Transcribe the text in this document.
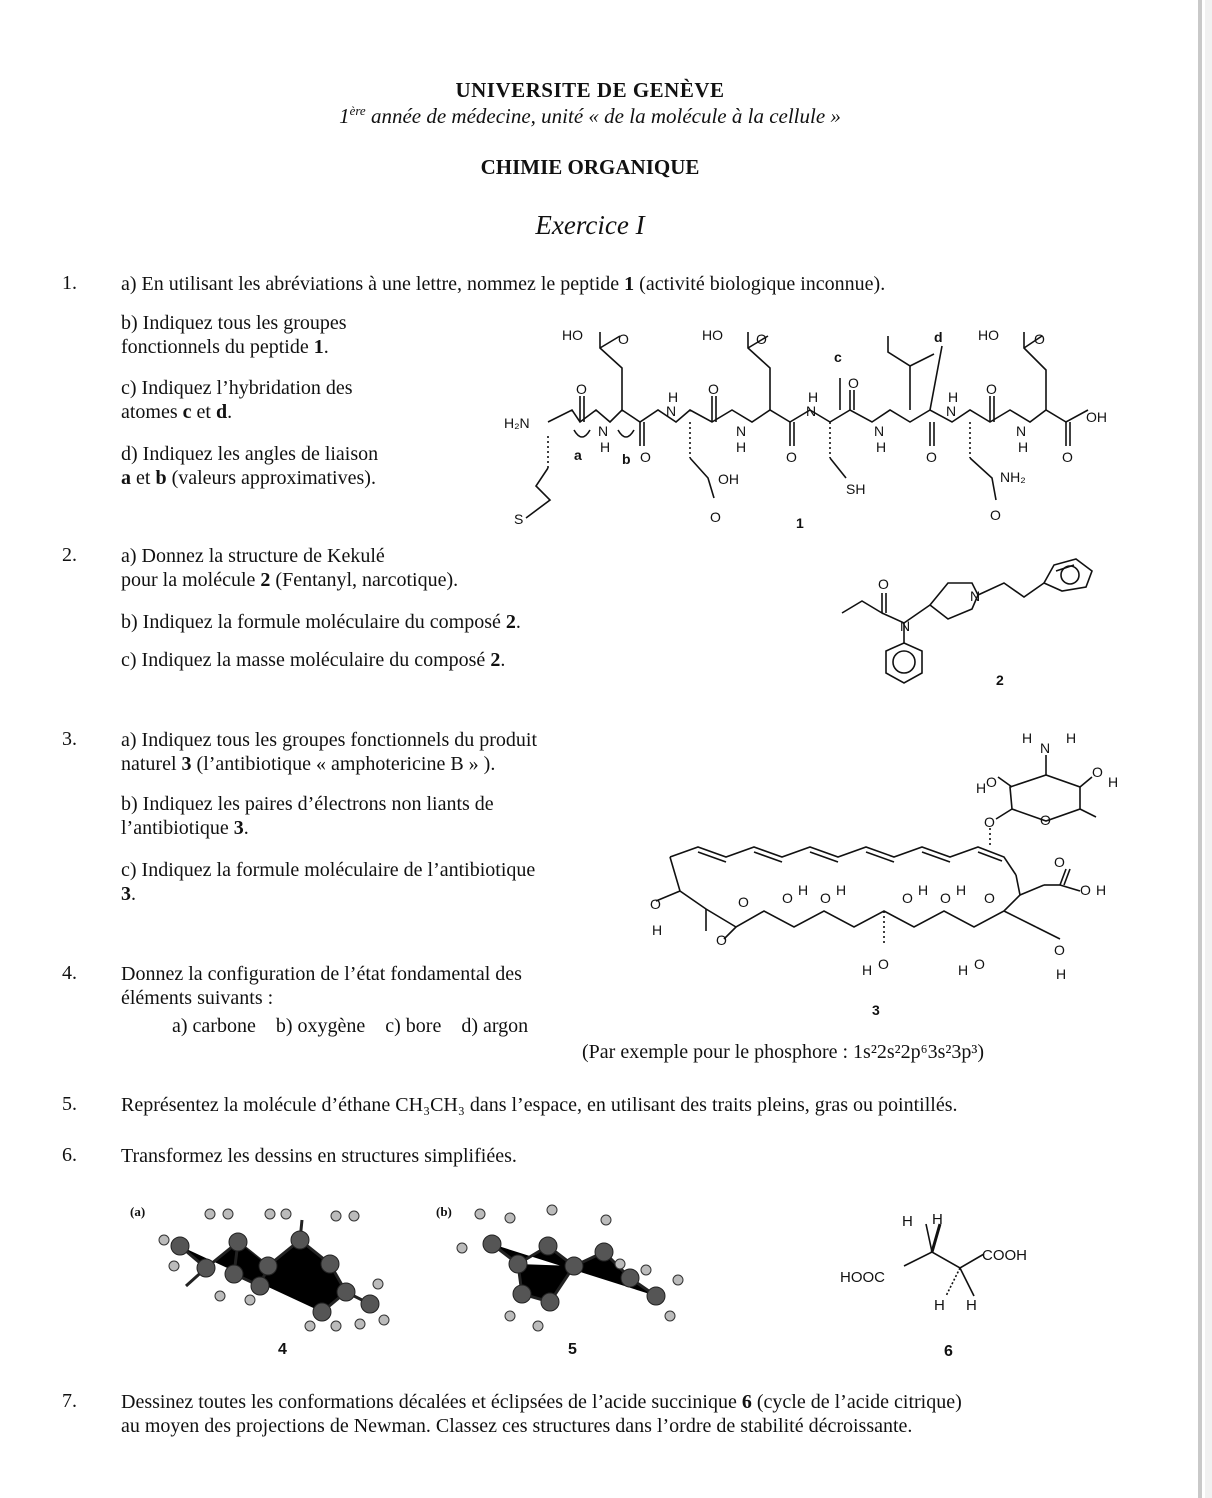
UNIVERSITE DE GENÈVE
1ère année de médecine, unité « de la molécule à la cellule »
CHIMIE ORGANIQUE
Exercice I
1. a) En utilisant les abréviations à une lettre, nommez le peptide 1 (activité biologique inconnue).
b) Indiquez tous les groupes
fonctionnels du peptide 1.
c) Indiquez l’hybridation des
atomes c et d.
d) Indiquez les angles de liaison
a et b (valeurs approximatives).
HO	O	HO O	HO	O
H₂N
O
N
H
O
N
H O
N
H
O
N
H
O
N
H
O
N
H O
N
H
O
OH
S
OH
O
SH
NH₂
O
a	b
c
d
1
2. a) Donnez la structure de Kekulé
pour la molécule 2 (Fentanyl, narcotique).
b) Indiquez la formule moléculaire du composé 2.
c) Indiquez la masse moléculaire du composé 2.
O
N
N
2
3. a) Indiquez tous les groupes fonctionnels du produit
naturel 3 (l’antibiotique « amphotericine B » ).
b) Indiquez les paires d’électrons non liants de
l’antibiotique 3.
c) Indiquez la formule moléculaire de l’antibiotique
3.
H
N
H
O
H
O
H
O
O
O
O H
O
H
O
O
O H O H	O H O H O
H O	H O
O
H
3
4. Donnez la configuration de l’état fondamental des
éléments suivants :
a) carbone    b) oxygène    c) bore    d) argon
(Par exemple pour le phosphore : 1s²2s²2p⁶3s²3p³)
5. Représentez la molécule d’éthane CH₃CH₃ dans l’espace, en utilisant des traits pleins, gras ou pointillés.
6. Transformez les dessins en structures simplifiées.
(a)	(b)
4	5
H H
HOOC
COOH
H H
6
7. Dessinez toutes les conformations décalées et éclipsées de l’acide succinique 6 (cycle de l’acide citrique)
au moyen des projections de Newman. Classez ces structures dans l’ordre de stabilité décroissante.
